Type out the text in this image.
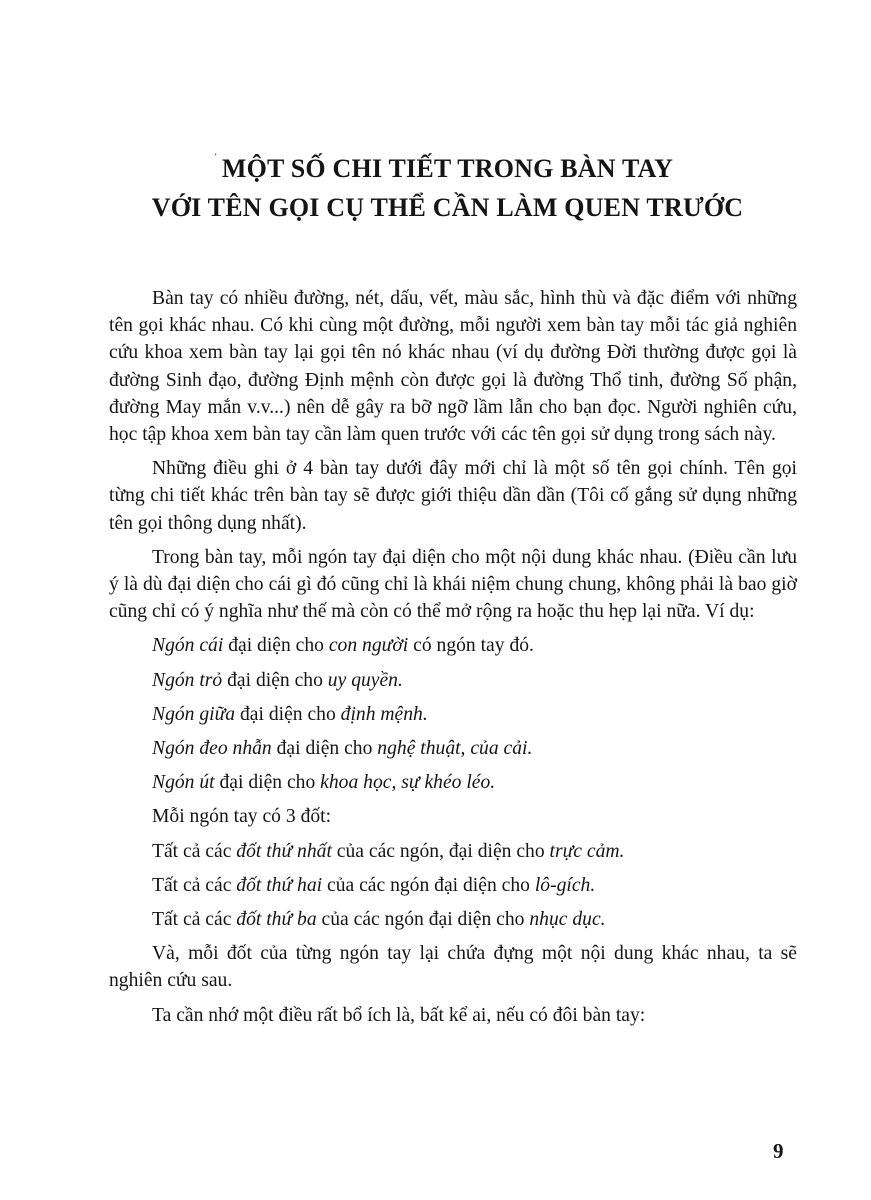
ʻ MỘT SỐ CHI TIẾT TRONG BÀN TAY
VỚI TÊN GỌI CỤ THỂ CẦN LÀM QUEN TRƯỚC

Bàn tay có nhiều đường, nét, dấu, vết, màu sắc, hình thù và đặc điểm với những tên gọi khác nhau. Có khi cùng một đường, mỗi người xem bàn tay mỗi tác giả nghiên cứu khoa xem bàn tay lại gọi tên nó khác nhau (ví dụ đường Đời thường được gọi là đường Sinh đạo, đường Định mệnh còn được gọi là đường Thổ tinh, đường Số phận, đường May mắn v.v...) nên dễ gây ra bỡ ngỡ lầm lẫn cho bạn đọc. Người nghiên cứu, học tập khoa xem bàn tay cần làm quen trước với các tên gọi sử dụng trong sách này.

Những điều ghi ở 4 bàn tay dưới đây mới chỉ là một số tên gọi chính. Tên gọi từng chi tiết khác trên bàn tay sẽ được giới thiệu dần dần (Tôi cố gắng sử dụng những tên gọi thông dụng nhất).

Trong bàn tay, mỗi ngón tay đại diện cho một nội dung khác nhau. (Điều cần lưu ý là dù đại diện cho cái gì đó cũng chỉ là khái niệm chung chung, không phải là bao giờ cũng chỉ có ý nghĩa như thế mà còn có thể mở rộng ra hoặc thu hẹp lại nữa. Ví dụ:

Ngón cái đại diện cho con người có ngón tay đó.
Ngón trỏ đại diện cho uy quyền.
Ngón giữa đại diện cho định mệnh.
Ngón đeo nhẫn đại diện cho nghệ thuật, của cải.
Ngón út đại diện cho khoa học, sự khéo léo.
Mỗi ngón tay có 3 đốt:
Tất cả các đốt thứ nhất của các ngón, đại diện cho trực cảm.
Tất cả các đốt thứ hai của các ngón đại diện cho lô-gích.
Tất cả các đốt thứ ba của các ngón đại diện cho nhục dục.

Và, mỗi đốt của từng ngón tay lại chứa đựng một nội dung khác nhau, ta sẽ nghiên cứu sau.

Ta cần nhớ một điều rất bổ ích là, bất kể ai, nếu có đôi bàn tay:

9
